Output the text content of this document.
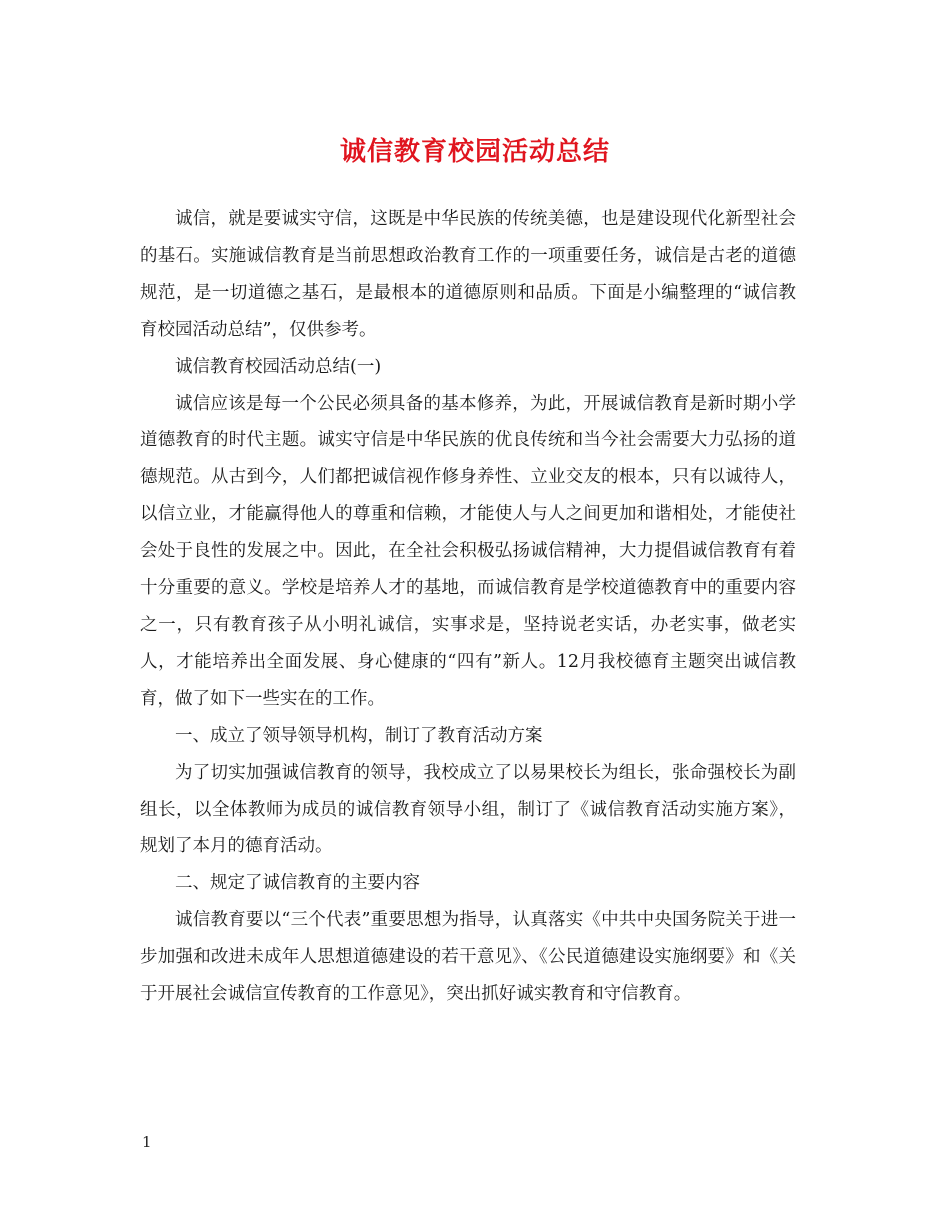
诚信教育校园活动总结

诚信，就是要诚实守信，这既是中华民族的传统美德，也是建设现代化新型社会的基石。实施诚信教育是当前思想政治教育工作的一项重要任务，诚信是古老的道德规范，是一切道德之基石，是最根本的道德原则和品质。下面是小编整理的“诚信教育校园活动总结”，仅供参考。

诚信教育校园活动总结(一)

诚信应该是每一个公民必须具备的基本修养，为此，开展诚信教育是新时期小学道德教育的时代主题。诚实守信是中华民族的优良传统和当今社会需要大力弘扬的道德规范。从古到今，人们都把诚信视作修身养性、立业交友的根本，只有以诚待人，以信立业，才能赢得他人的尊重和信赖，才能使人与人之间更加和谐相处，才能使社会处于良性的发展之中。因此，在全社会积极弘扬诚信精神，大力提倡诚信教育有着十分重要的意义。学校是培养人才的基地，而诚信教育是学校道德教育中的重要内容之一，只有教育孩子从小明礼诚信，实事求是，坚持说老实话，办老实事，做老实人，才能培养出全面发展、身心健康的“四有”新人。12月我校德育主题突出诚信教育，做了如下一些实在的工作。

一、成立了领导领导机构，制订了教育活动方案

为了切实加强诚信教育的领导，我校成立了以易果校长为组长，张命强校长为副组长，以全体教师为成员的诚信教育领导小组，制订了《诚信教育活动实施方案》，规划了本月的德育活动。

二、规定了诚信教育的主要内容

诚信教育要以“三个代表”重要思想为指导，认真落实《中共中央国务院关于进一步加强和改进未成年人思想道德建设的若干意见》、《公民道德建设实施纲要》和《关于开展社会诚信宣传教育的工作意见》，突出抓好诚实教育和守信教育。

1
